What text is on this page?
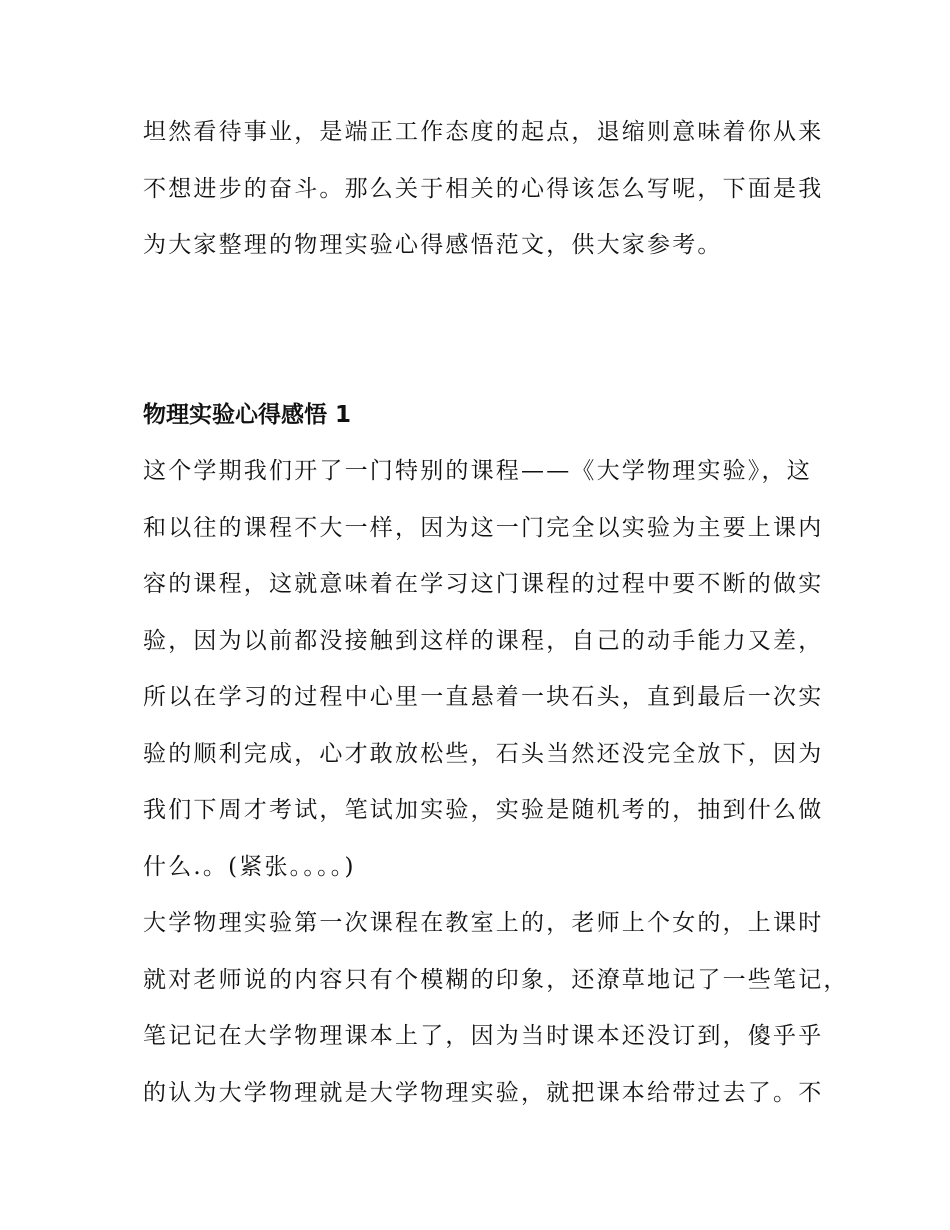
坦然看待事业，是端正工作态度的起点，退缩则意味着你从来
不想进步的奋斗。那么关于相关的心得该怎么写呢，下面是我
为大家整理的物理实验心得感悟范文，供大家参考。
物理实验心得感悟 1
这个学期我们开了一门特别的课程——《大学物理实验》，这
和以往的课程不大一样，因为这一门完全以实验为主要上课内
容的课程，这就意味着在学习这门课程的过程中要不断的做实
验，因为以前都没接触到这样的课程，自己的动手能力又差，
所以在学习的过程中心里一直悬着一块石头，直到最后一次实
验的顺利完成，心才敢放松些，石头当然还没完全放下，因为
我们下周才考试，笔试加实验，实验是随机考的，抽到什么做
什么.。(紧张。。。。)
大学物理实验第一次课程在教室上的，老师上个女的，上课时
就对老师说的内容只有个模糊的印象，还潦草地记了一些笔记，
笔记记在大学物理课本上了，因为当时课本还没订到，傻乎乎
的认为大学物理就是大学物理实验，就把课本给带过去了。不
